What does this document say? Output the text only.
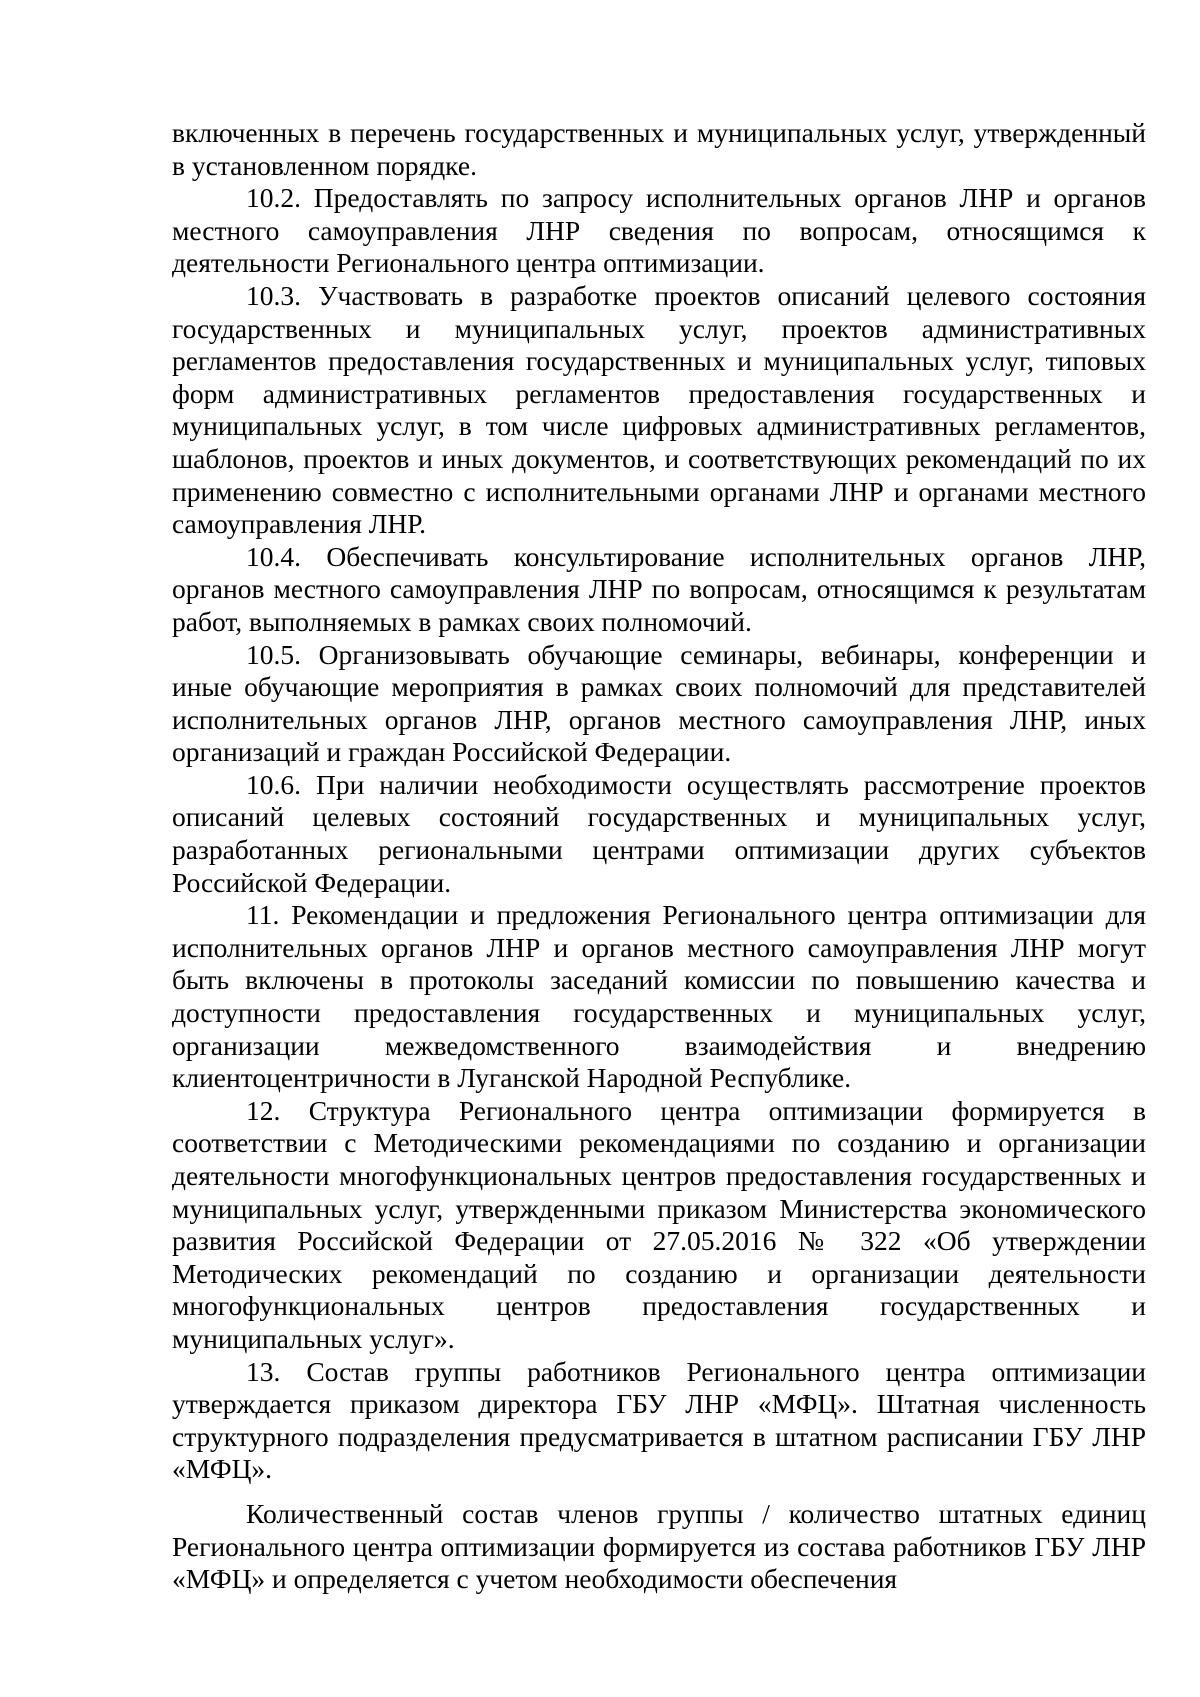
включенных в перечень государственных и муниципальных услуг, утвержденный в установленном порядке.

10.2. Предоставлять по запросу исполнительных органов ЛНР и органов местного самоуправления ЛНР сведения по вопросам, относящимся к деятельности Регионального центра оптимизации.

10.3. Участвовать в разработке проектов описаний целевого состояния государственных и муниципальных услуг, проектов административных регламентов предоставления государственных и муниципальных услуг, типовых форм административных регламентов предоставления государственных и муниципальных услуг, в том числе цифровых административных регламентов, шаблонов, проектов и иных документов, и соответствующих рекомендаций по их применению совместно с исполнительными органами ЛНР и органами местного самоуправления ЛНР.

10.4. Обеспечивать консультирование исполнительных органов ЛНР, органов местного самоуправления ЛНР по вопросам, относящимся к результатам работ, выполняемых в рамках своих полномочий.

10.5. Организовывать обучающие семинары, вебинары, конференции и иные обучающие мероприятия в рамках своих полномочий для представителей исполнительных органов ЛНР, органов местного самоуправления ЛНР, иных организаций и граждан Российской Федерации.

10.6. При наличии необходимости осуществлять рассмотрение проектов описаний целевых состояний государственных и муниципальных услуг, разработанных региональными центрами оптимизации других субъектов Российской Федерации.

11. Рекомендации и предложения Регионального центра оптимизации для исполнительных органов ЛНР и органов местного самоуправления ЛНР могут быть включены в протоколы заседаний комиссии по повышению качества и доступности предоставления государственных и муниципальных услуг, организации межведомственного взаимодействия и внедрению клиентоцентричности в Луганской Народной Республике.

12. Структура Регионального центра оптимизации формируется в соответствии с Методическими рекомендациями по созданию и организации деятельности многофункциональных центров предоставления государственных и муниципальных услуг, утвержденными приказом Министерства экономического развития Российской Федерации от 27.05.2016 № 322 «Об утверждении Методических рекомендаций по созданию и организации деятельности многофункциональных центров предоставления государственных и муниципальных услуг».

13. Состав группы работников Регионального центра оптимизации утверждается приказом директора ГБУ ЛНР «МФЦ». Штатная численность структурного подразделения предусматривается в штатном расписании ГБУ ЛНР «МФЦ».

Количественный состав членов группы / количество штатных единиц Регионального центра оптимизации формируется из состава работников ГБУ ЛНР «МФЦ» и определяется с учетом необходимости обеспечения
